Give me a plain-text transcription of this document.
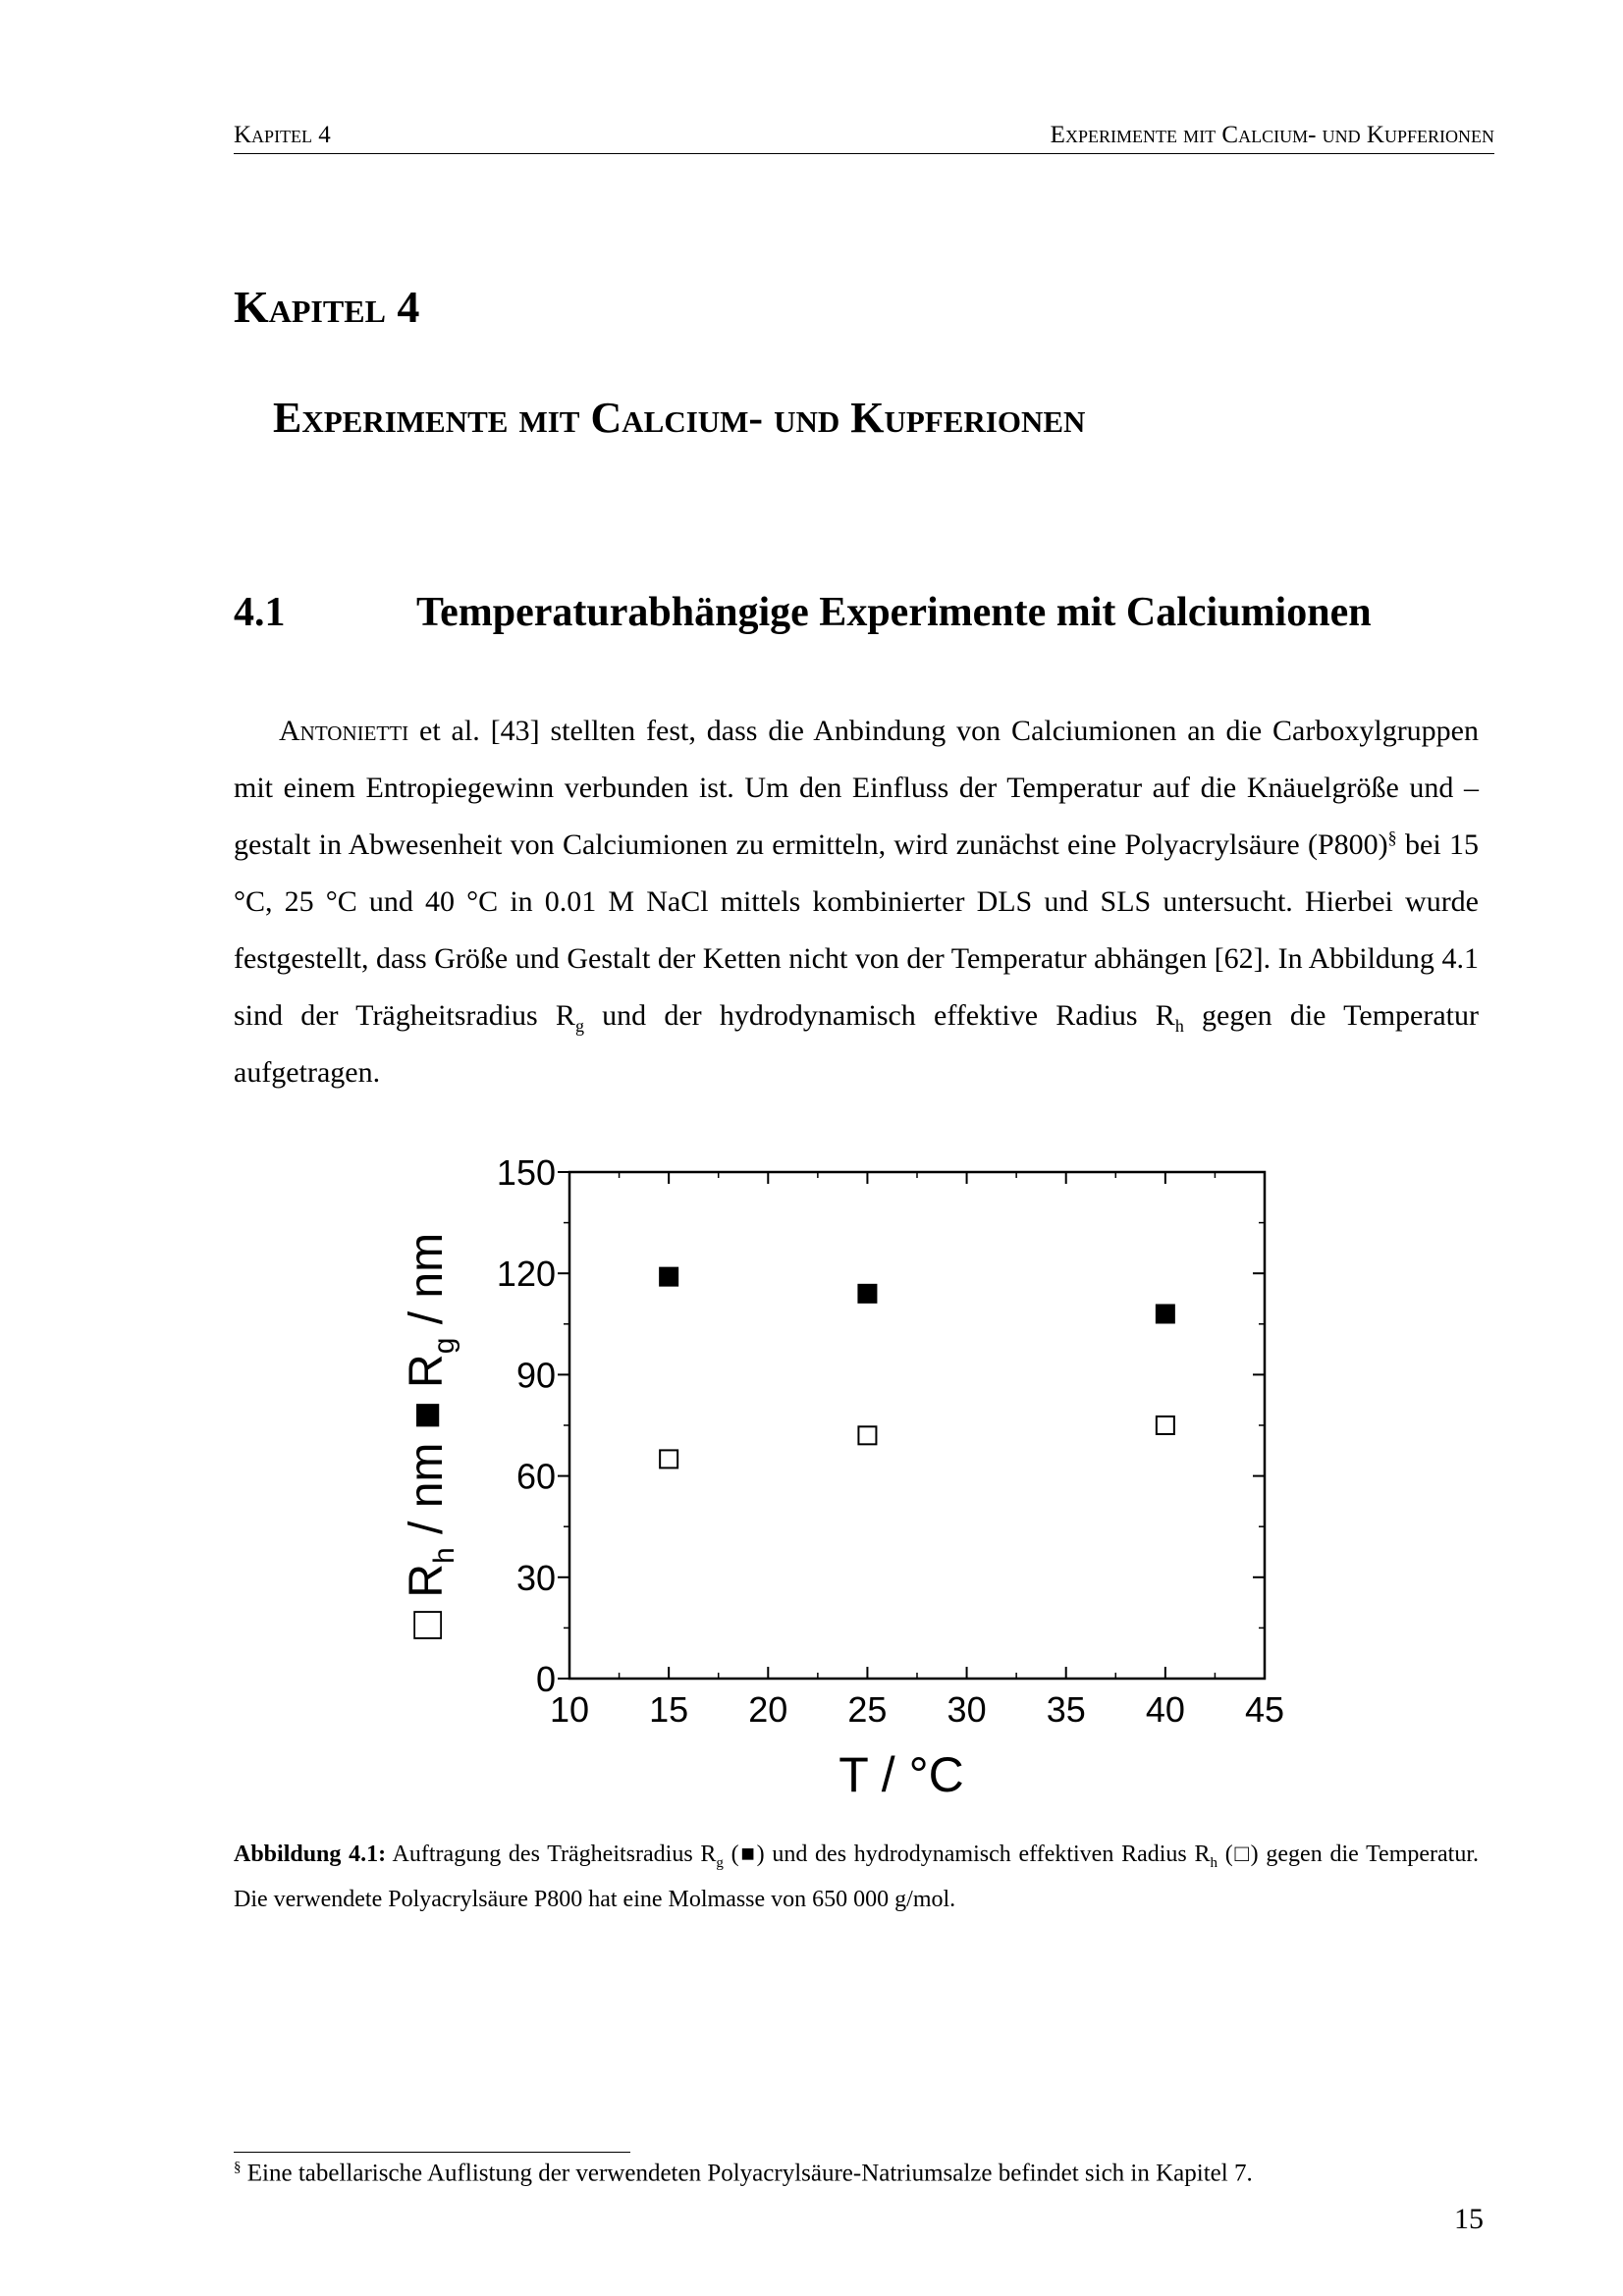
Kapitel 4	Experimente mit Calcium- und Kupferionen
Kapitel 4
Experimente mit Calcium- und Kupferionen
4.1	Temperaturabhängige Experimente mit Calciumionen

Antonietti et al. [43] stellten fest, dass die Anbindung von Calciumionen an die Carboxylgruppen mit einem Entropiegewinn verbunden ist. Um den Einfluss der Temperatur auf die Knäuelgröße und –gestalt in Abwesenheit von Calciumionen zu ermitteln, wird zunächst eine Polyacrylsäure (P800)§ bei 15 °C, 25 °C und 40 °C in 0.01 M NaCl mittels kombinierter DLS und SLS untersucht. Hierbei wurde festgestellt, dass Größe und Gestalt der Ketten nicht von der Temperatur abhängen [62]. In Abbildung 4.1 sind der Trägheitsradius $R_g$ und der hydrodynamisch effektive Radius $R_h$ gegen die Temperatur aufgetragen.

10 15 20 25 30 35 40 45
0
30
60
90
120
150
T / °C
□ $R_h$ / nm ■ $R_g$ / nm

Abbildung 4.1: Auftragung des Trägheitsradius $R_g$ (■) und des hydrodynamisch effektiven Radius $R_h$ (□) gegen die Temperatur. Die verwendete Polyacrylsäure P800 hat eine Molmasse von 650 000 g/mol.

§ Eine tabellarische Auflistung der verwendeten Polyacrylsäure-Natriumsalze befindet sich in Kapitel 7.

15
